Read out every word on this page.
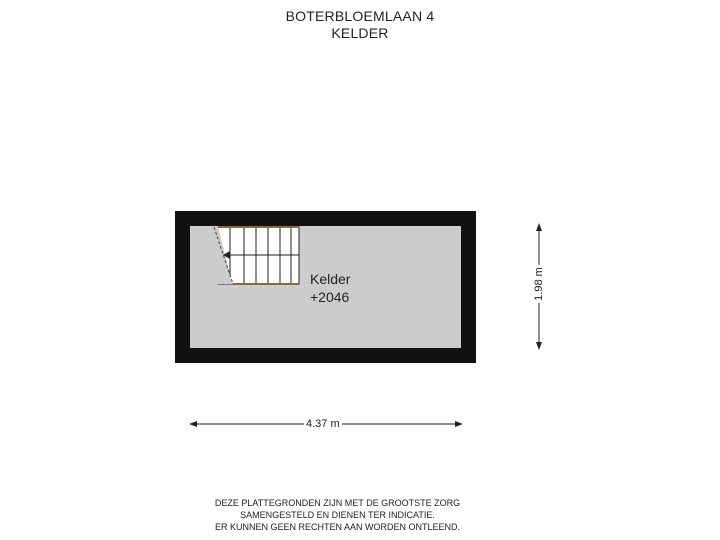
BOTERBLOEMLAAN 4
KELDER
Kelder
+2046
4.37 m
1.98 m
DEZE PLATTEGRONDEN ZIJN MET DE GROOTSTE ZORG
SAMENGESTELD EN DIENEN TER INDICATIE.
ER KUNNEN GEEN RECHTEN AAN WORDEN ONTLEEND.
